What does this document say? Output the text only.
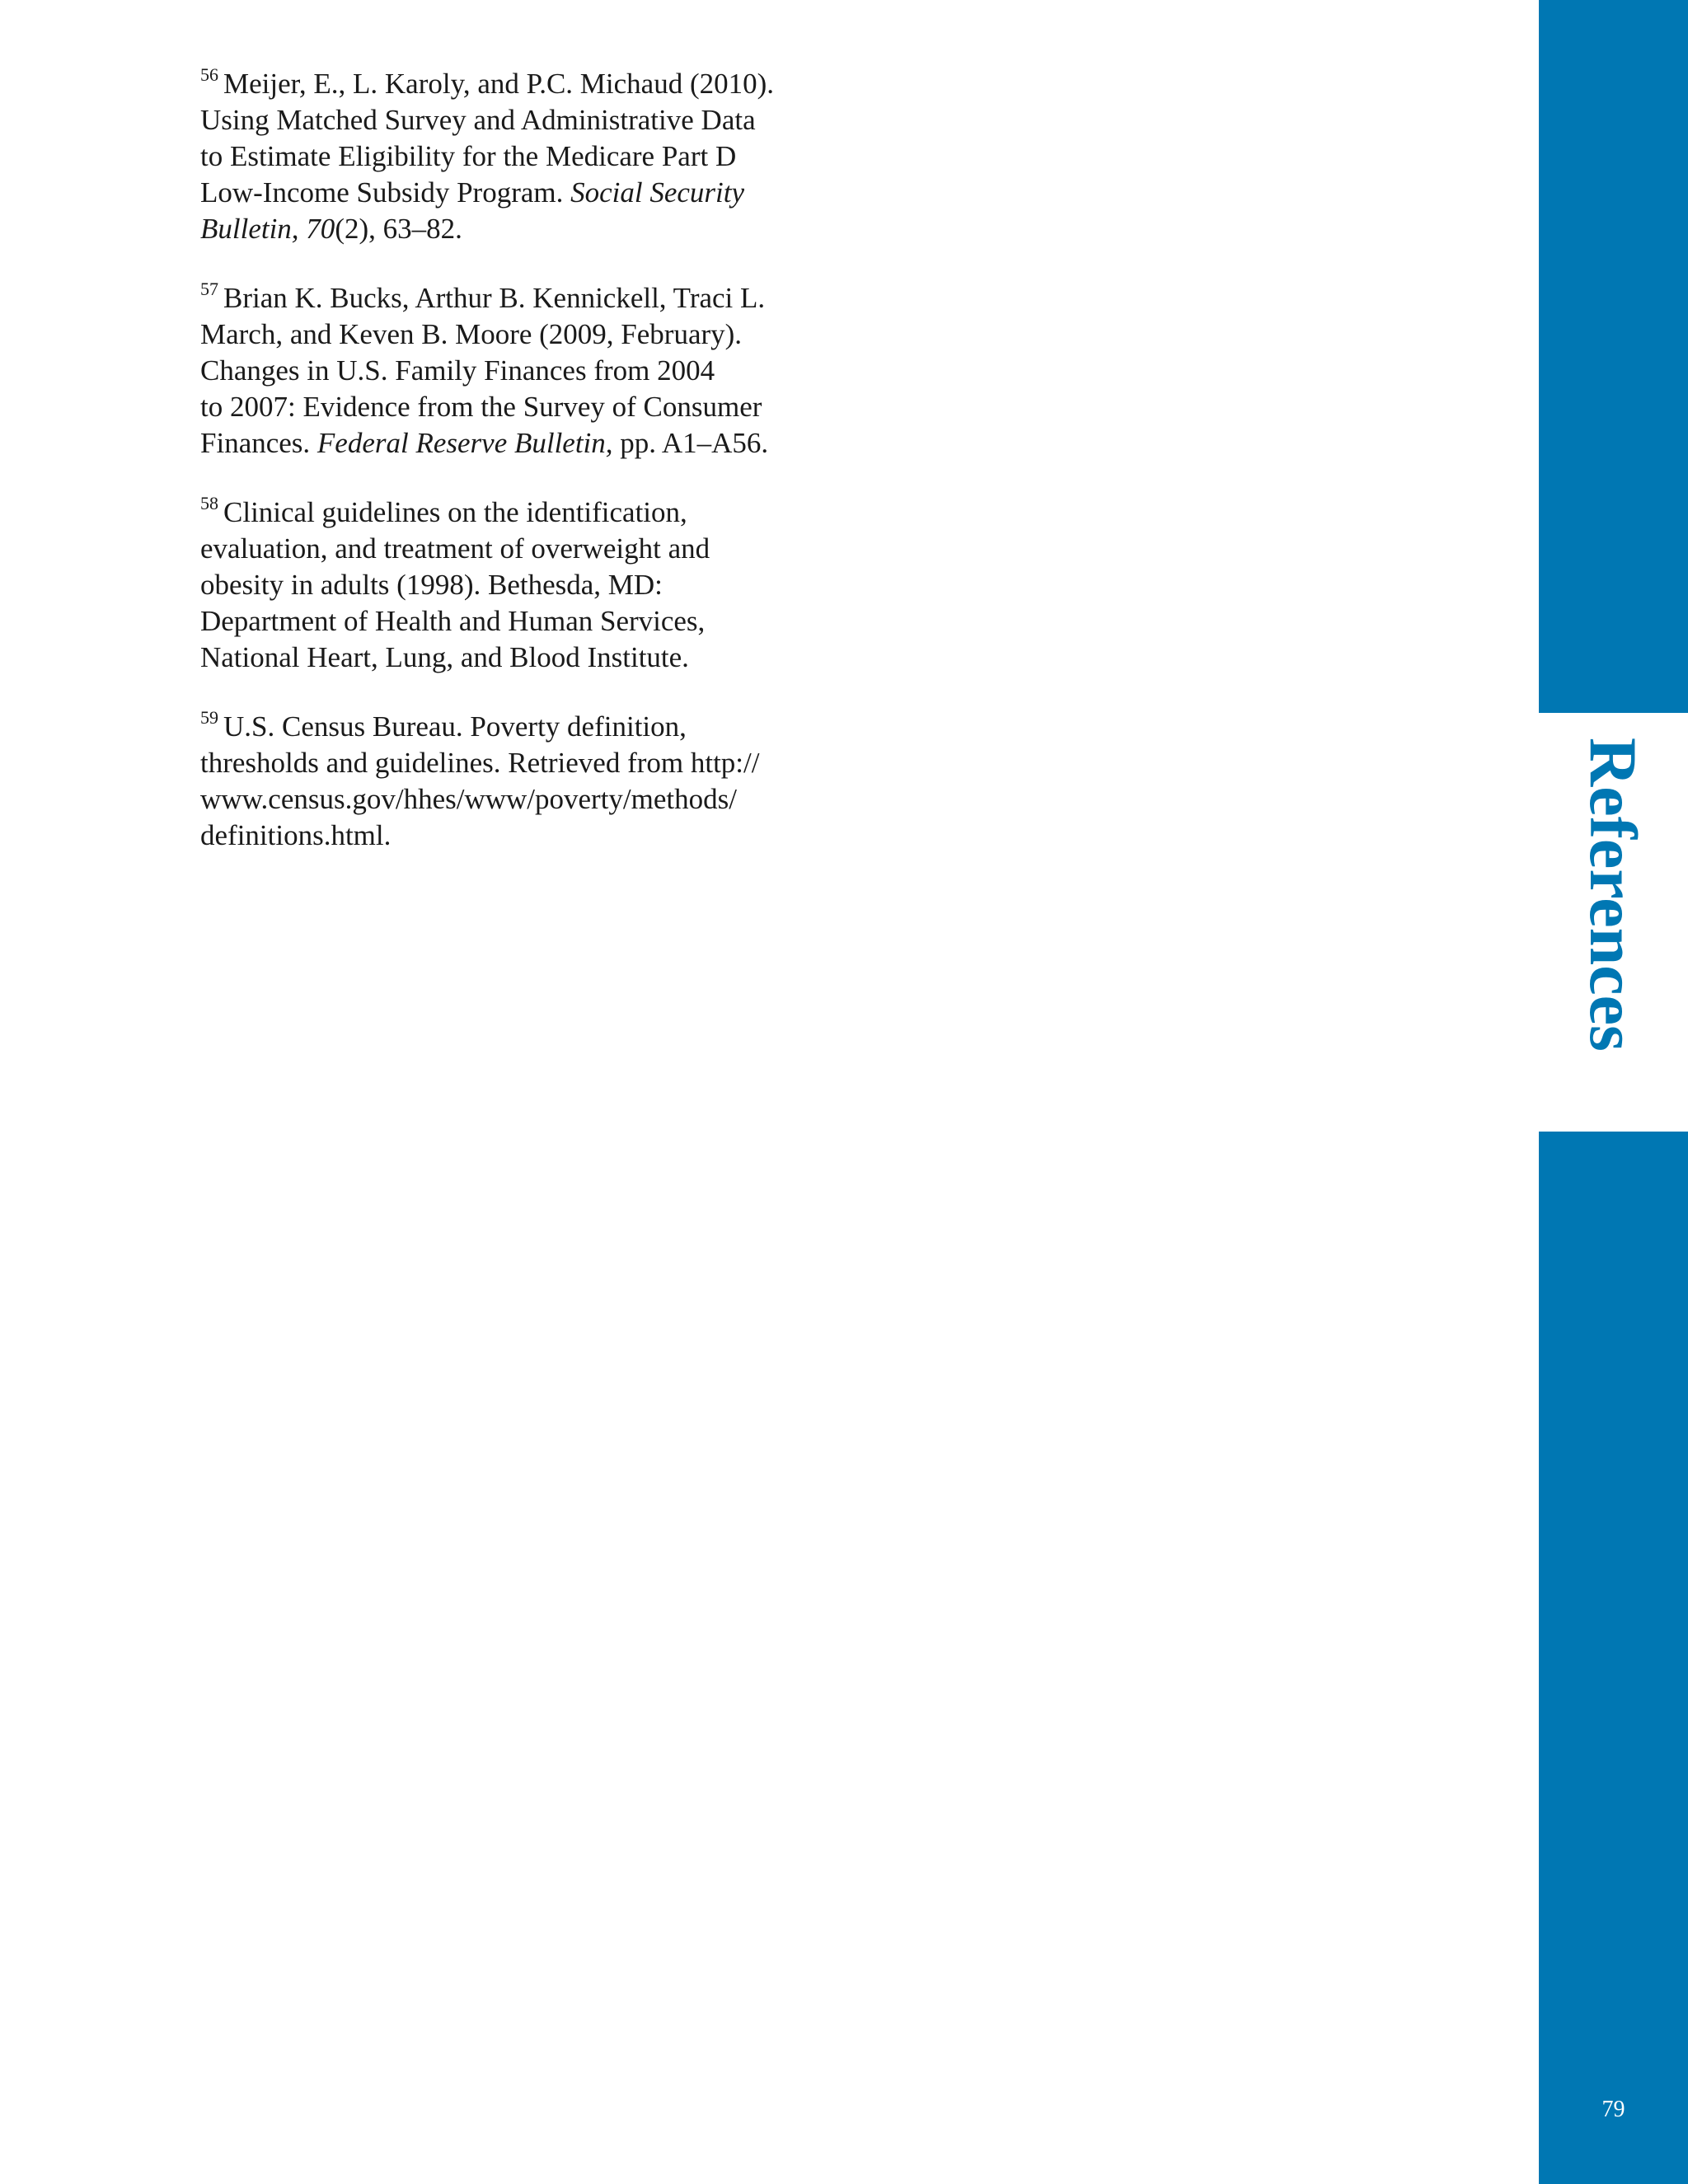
$^{56}$ Meijer, E., L. Karoly, and P.C. Michaud (2010).
Using Matched Survey and Administrative Data
to Estimate Eligibility for the Medicare Part D
Low-Income Subsidy Program. Social Security
Bulletin, 70(2), 63–82.
$^{57}$ Brian K. Bucks, Arthur B. Kennickell, Traci L.
March, and Keven B. Moore (2009, February).
Changes in U.S. Family Finances from 2004
to 2007: Evidence from the Survey of Consumer
Finances. Federal Reserve Bulletin, pp. A1–A56.
$^{58}$ Clinical guidelines on the identification,
evaluation, and treatment of overweight and
obesity in adults (1998). Bethesda, MD:
Department of Health and Human Services,
National Heart, Lung, and Blood Institute.
$^{59}$ U.S. Census Bureau. Poverty definition,
thresholds and guidelines. Retrieved from http://
www.census.gov/hhes/www/poverty/methods/
definitions.html.	References
79
